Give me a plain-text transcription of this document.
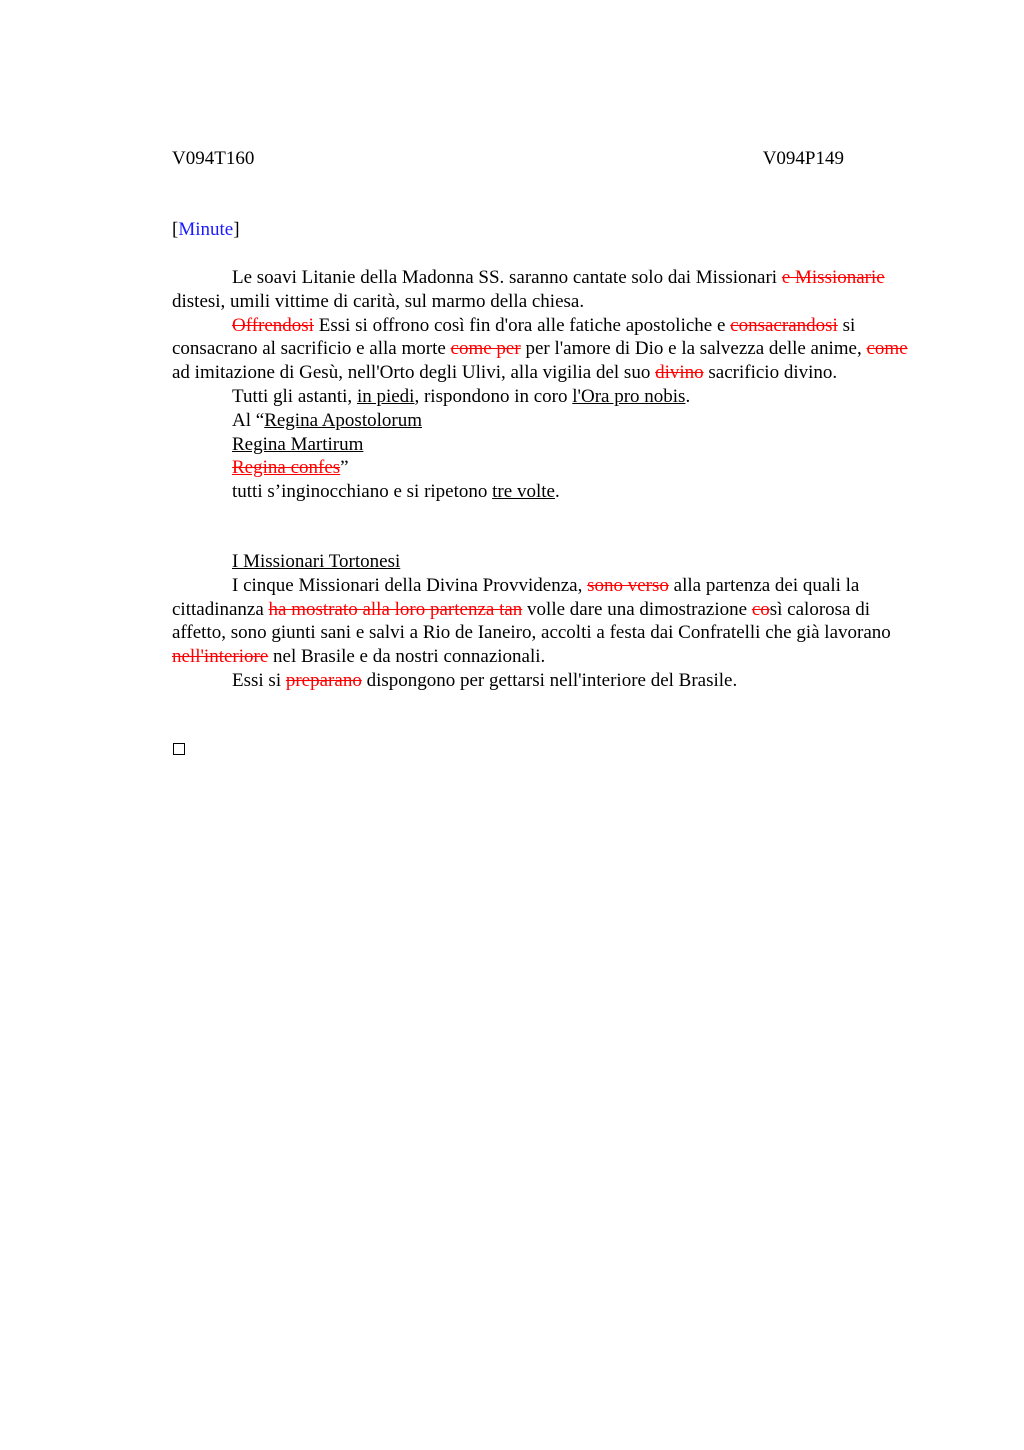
V094T160	V094P149
[Minute]

Le soavi Litanie della Madonna SS. saranno cantate solo dai Missionari e Missionarie distesi, umili vittime di carità, sul marmo della chiesa.

Offrendosi Essi si offrono così fin d'ora alle fatiche apostoliche e consacrandosi si consacrano al sacrificio e alla morte come per per l'amore di Dio e la salvezza delle anime, come ad imitazione di Gesù, nell'Orto degli Ulivi, alla vigilia del suo divino sacrificio divino.

Tutti gli astanti, in piedi, rispondono in coro l'Ora pro nobis.

Al “Regina Apostolorum

Regina Martirum

Regina confes”

tutti s’inginocchiano e si ripetono tre volte.

I Missionari Tortonesi

I cinque Missionari della Divina Provvidenza, sono verso alla partenza dei quali la cittadinanza ha mostrato alla loro partenza tan volle dare una dimostrazione così calorosa di affetto, sono giunti sani e salvi a Rio de Ianeiro, accolti a festa dai Confratelli che già lavorano nell'interiore nel Brasile e da nostri connazionali.

Essi si preparano dispongono per gettarsi nell'interiore del Brasile.
